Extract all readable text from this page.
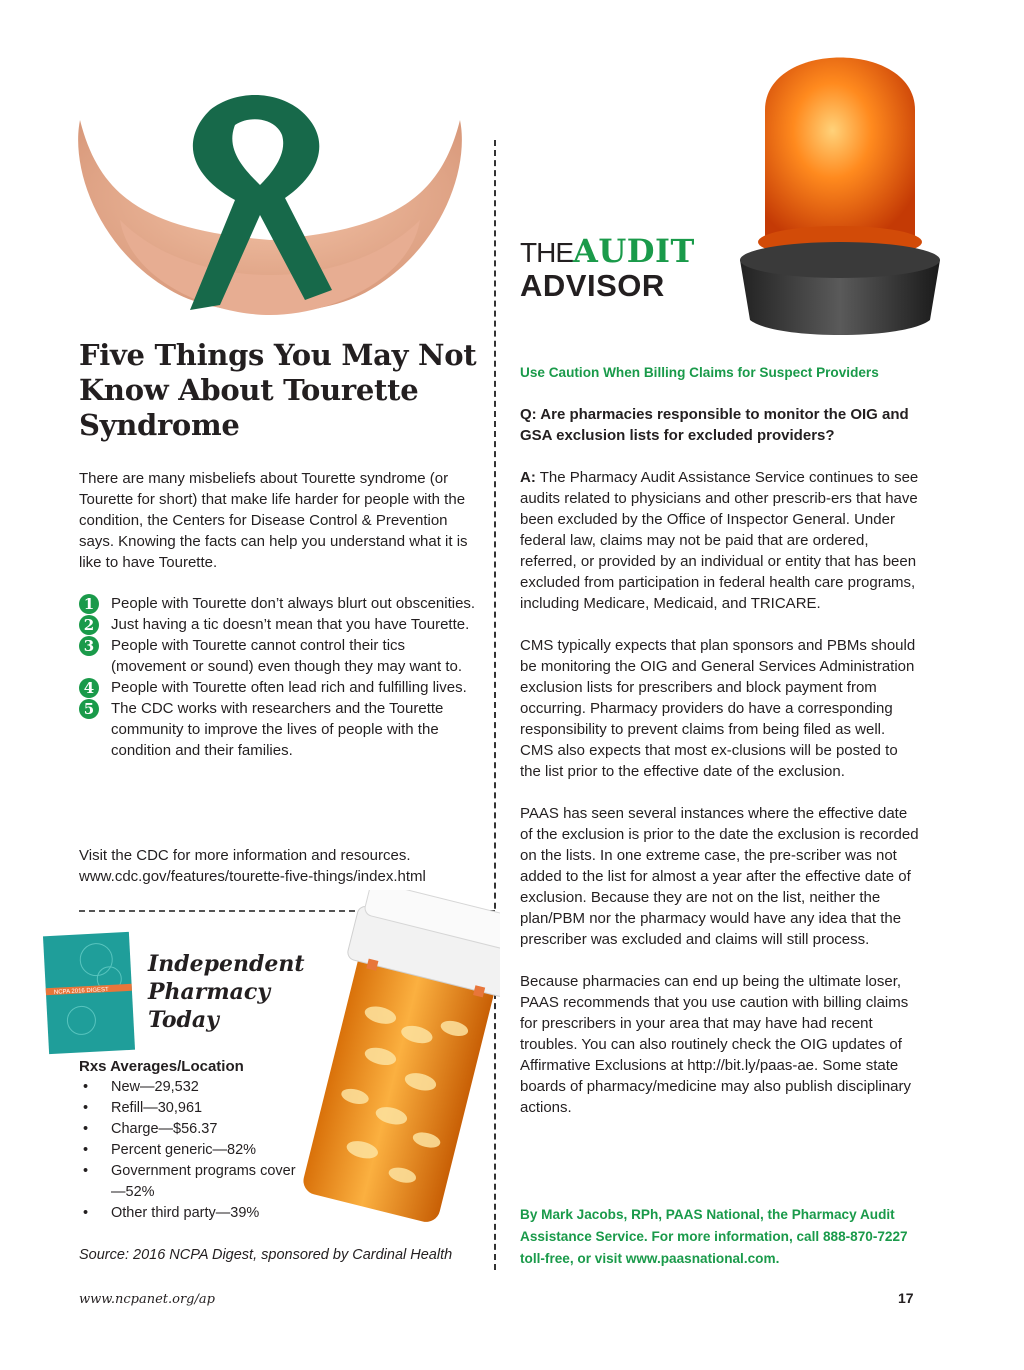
Five Things You May Not Know About Tourette Syndrome
There are many misbeliefs about Tourette syndrome (or Tourette for short) that make life harder for people with the condition, the Centers for Disease Control & Prevention says. Knowing the facts can help you understand what it is like to have Tourette.
1	People with Tourette don’t always blurt out obscenities.
2	Just having a tic doesn’t mean that you have Tourette.
3	People with Tourette cannot control their tics (movement or sound) even though they may want to.
4	People with Tourette often lead rich and fulfilling lives.
5	The CDC works with researchers and the Tourette community to improve the lives of people with the condition and their families.
Visit the CDC for more information and resources.
www.cdc.gov/features/tourette-five-things/index.html
NCPA 2016 DIGEST
Independent Pharmacy Today
Rxs Averages/Location
• New—29,532
• Refill—30,961
• Charge—$56.37
• Percent generic—82%
• Government programs cover—52%
• Other third party—39%
Source: 2016 NCPA Digest, sponsored by Cardinal Health
THEAUDIT
ADVISOR
Use Caution When Billing Claims for Suspect Providers
Q: Are pharmacies responsible to monitor the OIG and GSA exclusion lists for excluded providers?

A: The Pharmacy Audit Assistance Service continues to see audits related to physicians and other prescrib-ers that have been excluded by the Office of Inspector General. Under federal law, claims may not be paid that are ordered, referred, or provided by an individual or entity that has been excluded from participation in federal health care programs, including Medicare, Medicaid, and TRICARE.

CMS typically expects that plan sponsors and PBMs should be monitoring the OIG and General Services Administration exclusion lists for prescribers and block payment from occurring. Pharmacy providers do have a corresponding responsibility to prevent claims from being filed as well. CMS also expects that most ex-clusions will be posted to the list prior to the effective date of the exclusion.

PAAS has seen several instances where the effective date of the exclusion is prior to the date the exclusion is recorded on the lists. In one extreme case, the pre-scriber was not added to the list for almost a year after the effective date of exclusion. Because they are not on the list, neither the plan/PBM nor the pharmacy would have any idea that the prescriber was excluded and claims will still process.

Because pharmacies can end up being the ultimate loser, PAAS recommends that you use caution with billing claims for prescribers in your area that may have had recent troubles. You can also routinely check the OIG updates of Affirmative Exclusions at http://bit.ly/paas-ae. Some state boards of pharmacy/medicine may also publish disciplinary actions.

By Mark Jacobs, RPh, PAAS National, the Pharmacy Audit Assistance Service. For more information, call 888-870-7227 toll-free, or visit www.paasnational.com.
www.ncpanet.org/ap	17
